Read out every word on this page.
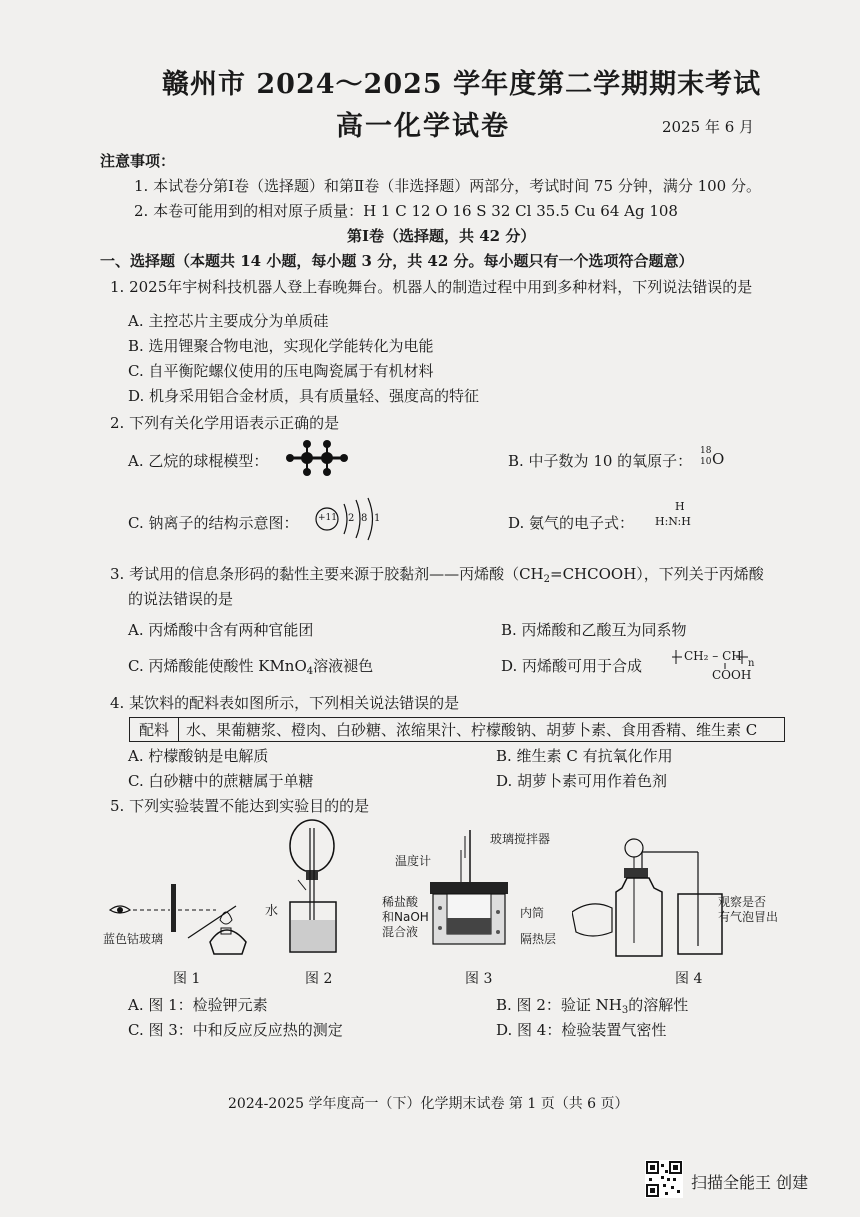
赣州市 2024～2025 学年度第二学期期末考试
高一化学试卷	2025 年 6 月
注意事项：
1. 本试卷分第Ⅰ卷（选择题）和第Ⅱ卷（非选择题）两部分，考试时间 75 分钟，满分 100 分。
2. 本卷可能用到的相对原子质量：H 1 C 12 O 16 S 32 Cl 35.5 Cu 64 Ag 108
第Ⅰ卷（选择题，共 42 分）
一、选择题（本题共 14 小题，每小题 3 分，共 42 分。每小题只有一个选项符合题意）
1. 2025年宇树科技机器人登上春晚舞台。机器人的制造过程中用到多种材料，下列说法错误的是
A. 主控芯片主要成分为单质硅
B. 选用锂聚合物电池，实现化学能转化为电能
C. 自平衡陀螺仪使用的压电陶瓷属于有机材料
D. 机身采用铝合金材质，具有质量轻、强度高的特征
2. 下列有关化学用语表示正确的是
A. 乙烷的球棍模型：	B. 中子数为 10 的氧原子：
18
10 O
C. 钠离子的结构示意图： +11 2 8 1	D. 氨气的电子式：
H
H:N:H
3. 考试用的信息条形码的黏性主要来源于胶黏剂——丙烯酸$(CH_2=CHCOOH)$，下列关于丙烯酸
的说法错误的是
A. 丙烯酸中含有两种官能团	B. 丙烯酸和乙酸互为同系物
C. 丙烯酸能使酸性 KMnO$_4$溶液褪色	D. 丙烯酸可用于合成
CH₂ – CH
COOH
n
4. 某饮料的配料表如图所示，下列相关说法错误的是
配料	水、果葡糖浆、橙肉、白砂糖、浓缩果汁、柠檬酸钠、胡萝卜素、食用香精、维生素 C
A. 柠檬酸钠是电解质	B. 维生素 C 有抗氧化作用
C. 白砂糖中的蔗糖属于单糖	D. 胡萝卜素可用作着色剂
5. 下列实验装置不能达到实验目的的是
蓝色钴玻璃
图 1
水
图 2
玻璃搅拌器
温度计
稀盐酸
和NaOH
混合液
内筒
隔热层
图 3
观察是否
有气泡冒出
图 4
A. 图 1：检验钾元素	B. 图 2：验证 $NH_3$的溶解性
C. 图 3：中和反应反应热的测定	D. 图 4：检验装置气密性
2024-2025 学年度高一（下）化学期末试卷 第 1 页（共 6 页）
扫描全能王 创建
